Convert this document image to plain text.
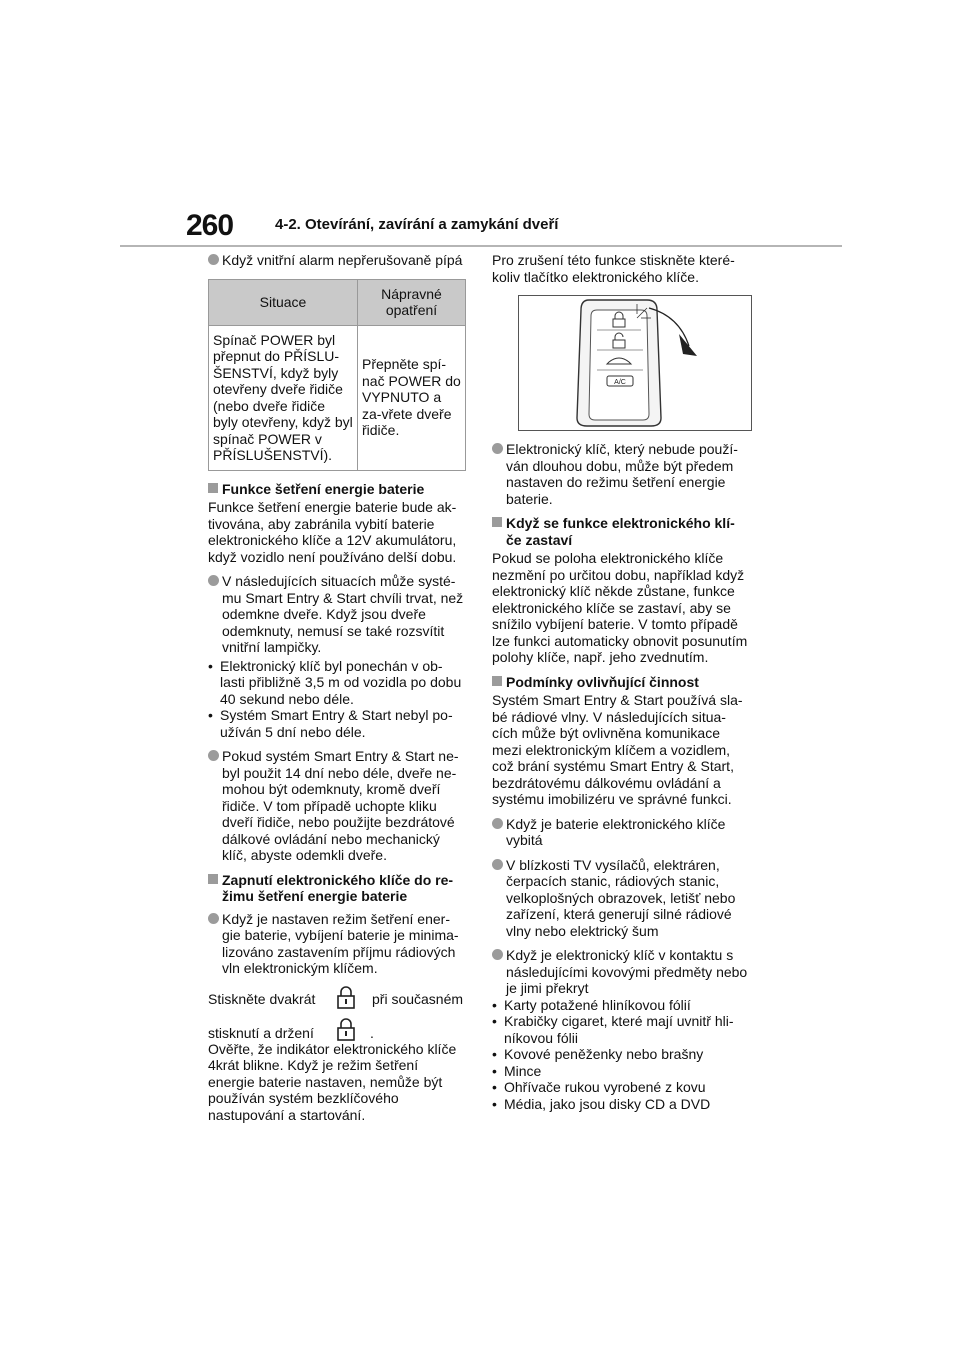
260	4-2. Otevírání, zavírání a zamykání dveří
Když vnitřní alarm nepřerušovaně pípá
Situace	Nápravné opatření
Spínač POWER byl přepnut do PŘÍSLU-ŠENSTVÍ, když byly otevřeny dveře řidiče (nebo dveře řidiče byly otevřeny, když byl spínač POWER v PŘÍSLUŠENSTVÍ).	Přepněte spí-nač POWER do VYPNUTO a za-vřete dveře řidiče.
Funkce šetření energie baterie

Funkce šetření energie baterie bude ak-tivována, aby zabránila vybití baterie elektronického klíče a 12V akumulátoru, když vozidlo není používáno delší dobu.

V následujících situacích může systé-mu Smart Entry & Start chvíli trvat, než odemkne dveře. Když jsou dveře odemknuty, nemusí se také rozsvítit vnitřní lampičky.
• Elektronický klíč byl ponechán v ob-lasti přibližně 3,5 m od vozidla po dobu 40 sekund nebo déle.
• Systém Smart Entry & Start nebyl po-užíván 5 dní nebo déle.
Pokud systém Smart Entry & Start ne-byl použit 14 dní nebo déle, dveře ne-mohou být odemknuty, kromě dveří řidiče. V tom případě uchopte kliku dveří řidiče, nebo použijte bezdrátové dálkové ovládání nebo mechanický klíč, abyste odemkli dveře.
Zapnutí elektronického klíče do re-žimu šetření energie baterie
Když je nastaven režim šetření ener-gie baterie, vybíjení baterie je minima-lizováno zastavením příjmu rádiových vln elektronickým klíčem.
Stiskněte dvakrát	při současném
stisknutí a držení	.

Ověřte, že indikátor elektronického klíče 4krát blikne. Když je režim šetření energie baterie nastaven, nemůže být používán systém bezklíčového nastupování a startování.

Pro zrušení této funkce stiskněte které-koliv tlačítko elektronického klíče.

A/C
Elektronický klíč, který nebude použí-ván dlouhou dobu, může být předem nastaven do režimu šetření energie baterie.
Když se funkce elektronického klí-če zastaví

Pokud se poloha elektronického klíče nezmění po určitou dobu, například když elektronický klíč někde zůstane, funkce elektronického klíče se zastaví, aby se snížilo vybíjení baterie. V tomto případě lze funkci automaticky obnovit posunutím polohy klíče, např. jeho zvednutím.

Podmínky ovlivňující činnost

Systém Smart Entry & Start používá sla-bé rádiové vlny. V následujících situa-cích může být ovlivněna komunikace mezi elektronickým klíčem a vozidlem, což brání systému Smart Entry & Start, bezdrátovému dálkovému ovládání a systému imobilizéru ve správné funkci.

Když je baterie elektronického klíče vybitá
V blízkosti TV vysílačů, elektráren, čerpacích stanic, rádiových stanic, velkoplošných obrazovek, letišť nebo zařízení, která generují silné rádiové vlny nebo elektrický šum
Když je elektronický klíč v kontaktu s následujícími kovovými předměty nebo je jimi překryt
• Karty potažené hliníkovou fólií
• Krabičky cigaret, které mají uvnitř hli-níkovou fólii
• Kovové peněženky nebo brašny
• Mince
• Ohřívače rukou vyrobené z kovu
• Média, jako jsou disky CD a DVD
